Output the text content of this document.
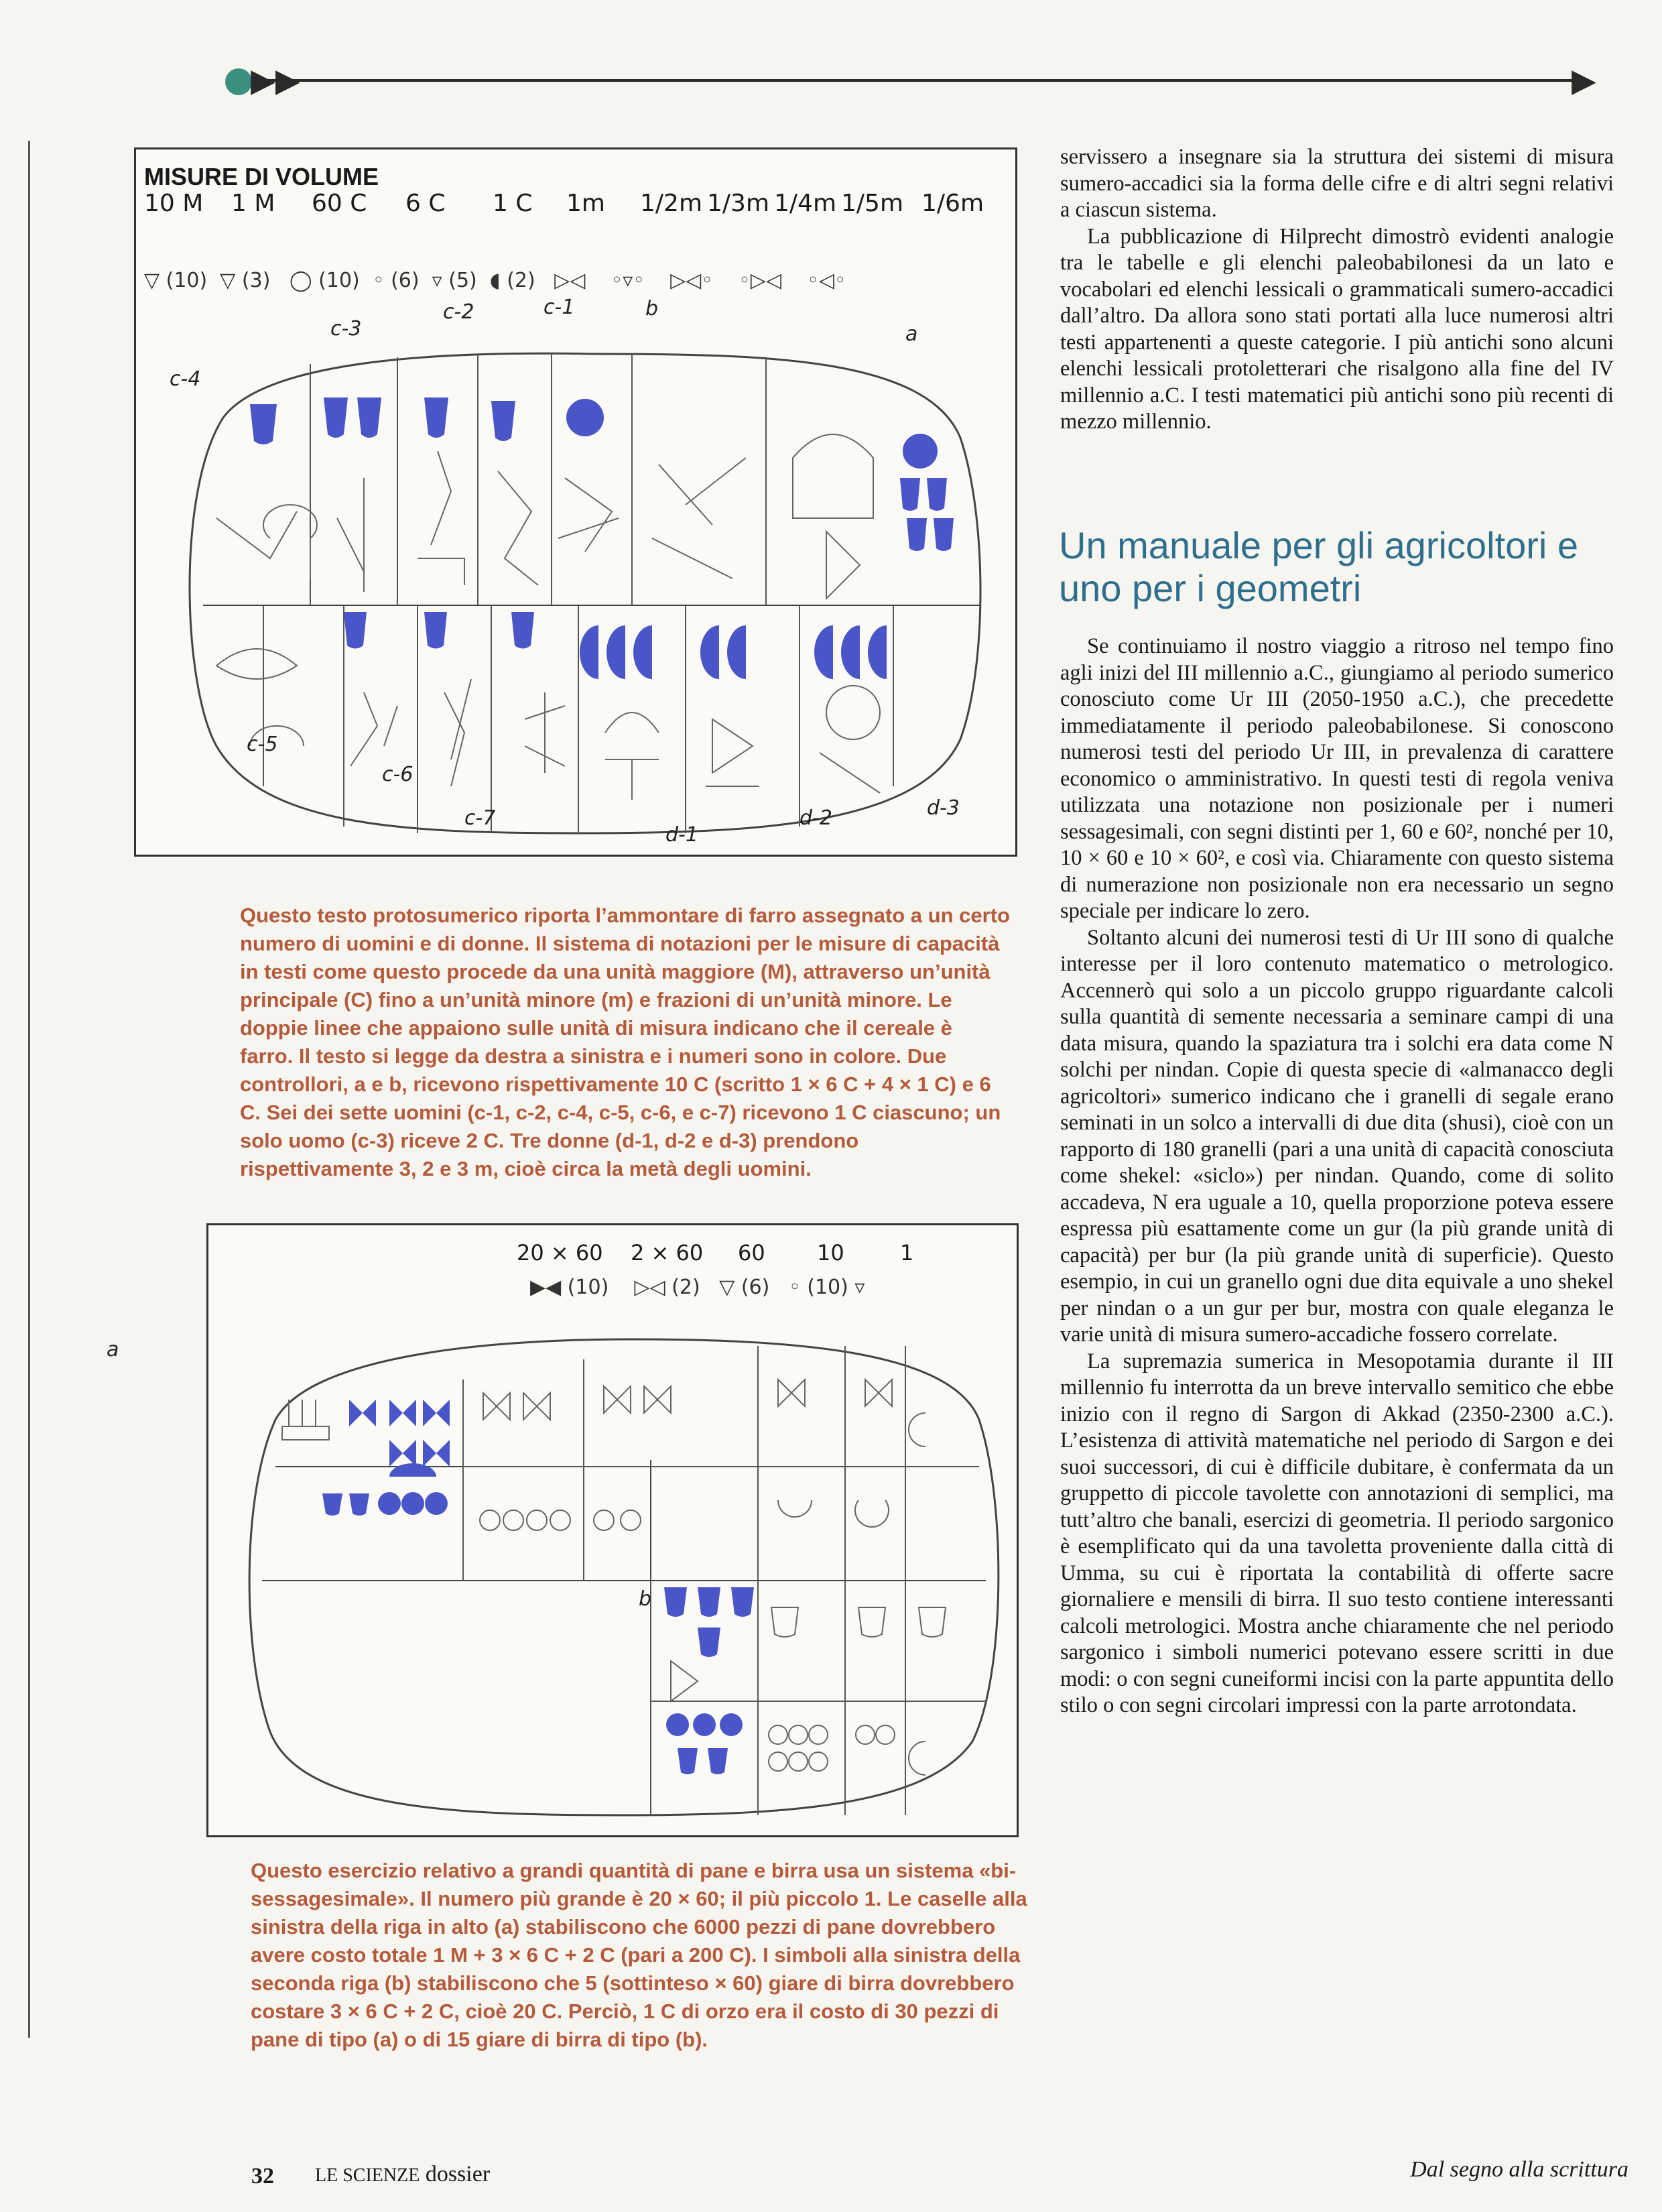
▶▶	▶
MISURE DI VOLUME
10 M 1 M 60 C 6 C 1 C 1m 1/2m 1/3m 1/4m 1/5m 1/6m
▽ (10) ▽ (3) ◯ (10) ◦ (6) ▿ (5) ◖ (2)   ▷◁    ◦▿◦    ▷◁◦    ◦▷◁    ◦◁◦
a
b
c-1
c-2
c-3
c-4
c-5
c-6
c-7
d-1
d-2	d-3
Questo testo protosumerico riporta l’ammontare di farro assegnato a un certo numero di uomini e di donne. Il sistema di notazioni per le misure di capacità in testi come questo procede da una unità maggiore (M), attraverso un’unità principale (C) fino a un’unità minore (m) e frazioni di un’unità minore. Le doppie linee che appaiono sulle unità di misura indicano che il cereale è farro. Il testo si legge da destra a sinistra e i numeri sono in colore. Due controllori, a e b, ricevono rispettivamente 10 C (scritto 1 × 6 C + 4 × 1 C) e 6 C. Sei dei sette uomini (c-1, c-2, c-4, c-5, c-6, e c-7) ricevono 1 C ciascuno; un solo uomo (c-3) riceve 2 C. Tre donne (d-1, d-2 e d-3) prendono rispettivamente 3, 2 e 3 m, cioè circa la metà degli uomini.
20 × 60 2 × 60 60 10	1
▶◀ (10) ▷◁ (2) ▽ (6) ◦ (10) ▿
a
b
Questo esercizio relativo a grandi quantità di pane e birra usa un sistema «bi-sessagesimale». Il numero più grande è 20 × 60; il più piccolo 1. Le caselle alla sinistra della riga in alto (a) stabiliscono che 6000 pezzi di pane dovrebbero avere costo totale 1 M + 3 × 6 C + 2 C (pari a 200 C). I simboli alla sinistra della seconda riga (b) stabiliscono che 5 (sottinteso × 60) giare di birra dovrebbero costare 3 × 6 C + 2 C, cioè 20 C. Perciò, 1 C di orzo era il costo di 30 pezzi di pane di tipo (a) o di 15 giare di birra di tipo (b).

servissero a insegnare sia la struttura dei sistemi di misura sumero-accadici sia la forma delle cifre e di altri segni relativi a ciascun sistema.

La pubblicazione di Hilprecht dimostrò evidenti analogie tra le tabelle e gli elenchi paleobabilonesi da un lato e vocabolari ed elenchi lessicali o grammaticali sumero-accadici dall’altro. Da allora sono stati portati alla luce numerosi altri testi appartenenti a queste categorie. I più antichi sono alcuni elenchi lessicali protoletterari che risalgono alla fine del IV millennio a.C. I testi matematici più antichi sono più recenti di mezzo millennio.

Un manuale per gli agricoltori e uno per i geometri

Se continuiamo il nostro viaggio a ritroso nel tempo fino agli inizi del III millennio a.C., giungiamo al periodo sumerico conosciuto come Ur III (2050-1950 a.C.), che precedette immediatamente il periodo paleobabilonese. Si conoscono numerosi testi del periodo Ur III, in prevalenza di carattere economico o amministrativo. In questi testi di regola veniva utilizzata una notazione non posizionale per i numeri sessagesimali, con segni distinti per 1, 60 e 60², nonché per 10, 10 × 60 e 10 × 60², e così via. Chiaramente con questo sistema di numerazione non posizionale non era necessario un segno speciale per indicare lo zero.

Soltanto alcuni dei numerosi testi di Ur III sono di qualche interesse per il loro contenuto matematico o metrologico. Accennerò qui solo a un piccolo gruppo riguardante calcoli sulla quantità di semente necessaria a seminare campi di una data misura, quando la spaziatura tra i solchi era data come N solchi per nindan. Copie di questa specie di «almanacco degli agricoltori» sumerico indicano che i granelli di segale erano seminati in un solco a intervalli di due dita (shusi), cioè con un rapporto di 180 granelli (pari a una unità di capacità conosciuta come shekel: «siclo») per nindan. Quando, come di solito accadeva, N era uguale a 10, quella proporzione poteva essere espressa più esattamente come un gur (la più grande unità di capacità) per bur (la più grande unità di superficie). Questo esempio, in cui un granello ogni due dita equivale a uno shekel per nindan o a un gur per bur, mostra con quale eleganza le varie unità di misura sumero-accadiche fossero correlate.

La supremazia sumerica in Mesopotamia durante il III millennio fu interrotta da un breve intervallo semitico che ebbe inizio con il regno di Sargon di Akkad (2350-2300 a.C.). L’esistenza di attività matematiche nel periodo di Sargon e dei suoi successori, di cui è difficile dubitare, è confermata da un gruppetto di piccole tavolette con annotazioni di semplici, ma tutt’altro che banali, esercizi di geometria. Il periodo sargonico è esemplificato qui da una tavoletta proveniente dalla città di Umma, su cui è riportata la contabilità di offerte sacre giornaliere e mensili di birra. Il suo testo contiene interessanti calcoli metrologici. Mostra anche chiaramente che nel periodo sargonico i simboli numerici potevano essere scritti in due modi: o con segni cuneiformi incisi con la parte appuntita dello stilo o con segni circolari impressi con la parte arrotondata.

32 LE SCIENZE dossier	Dal segno alla scrittura
